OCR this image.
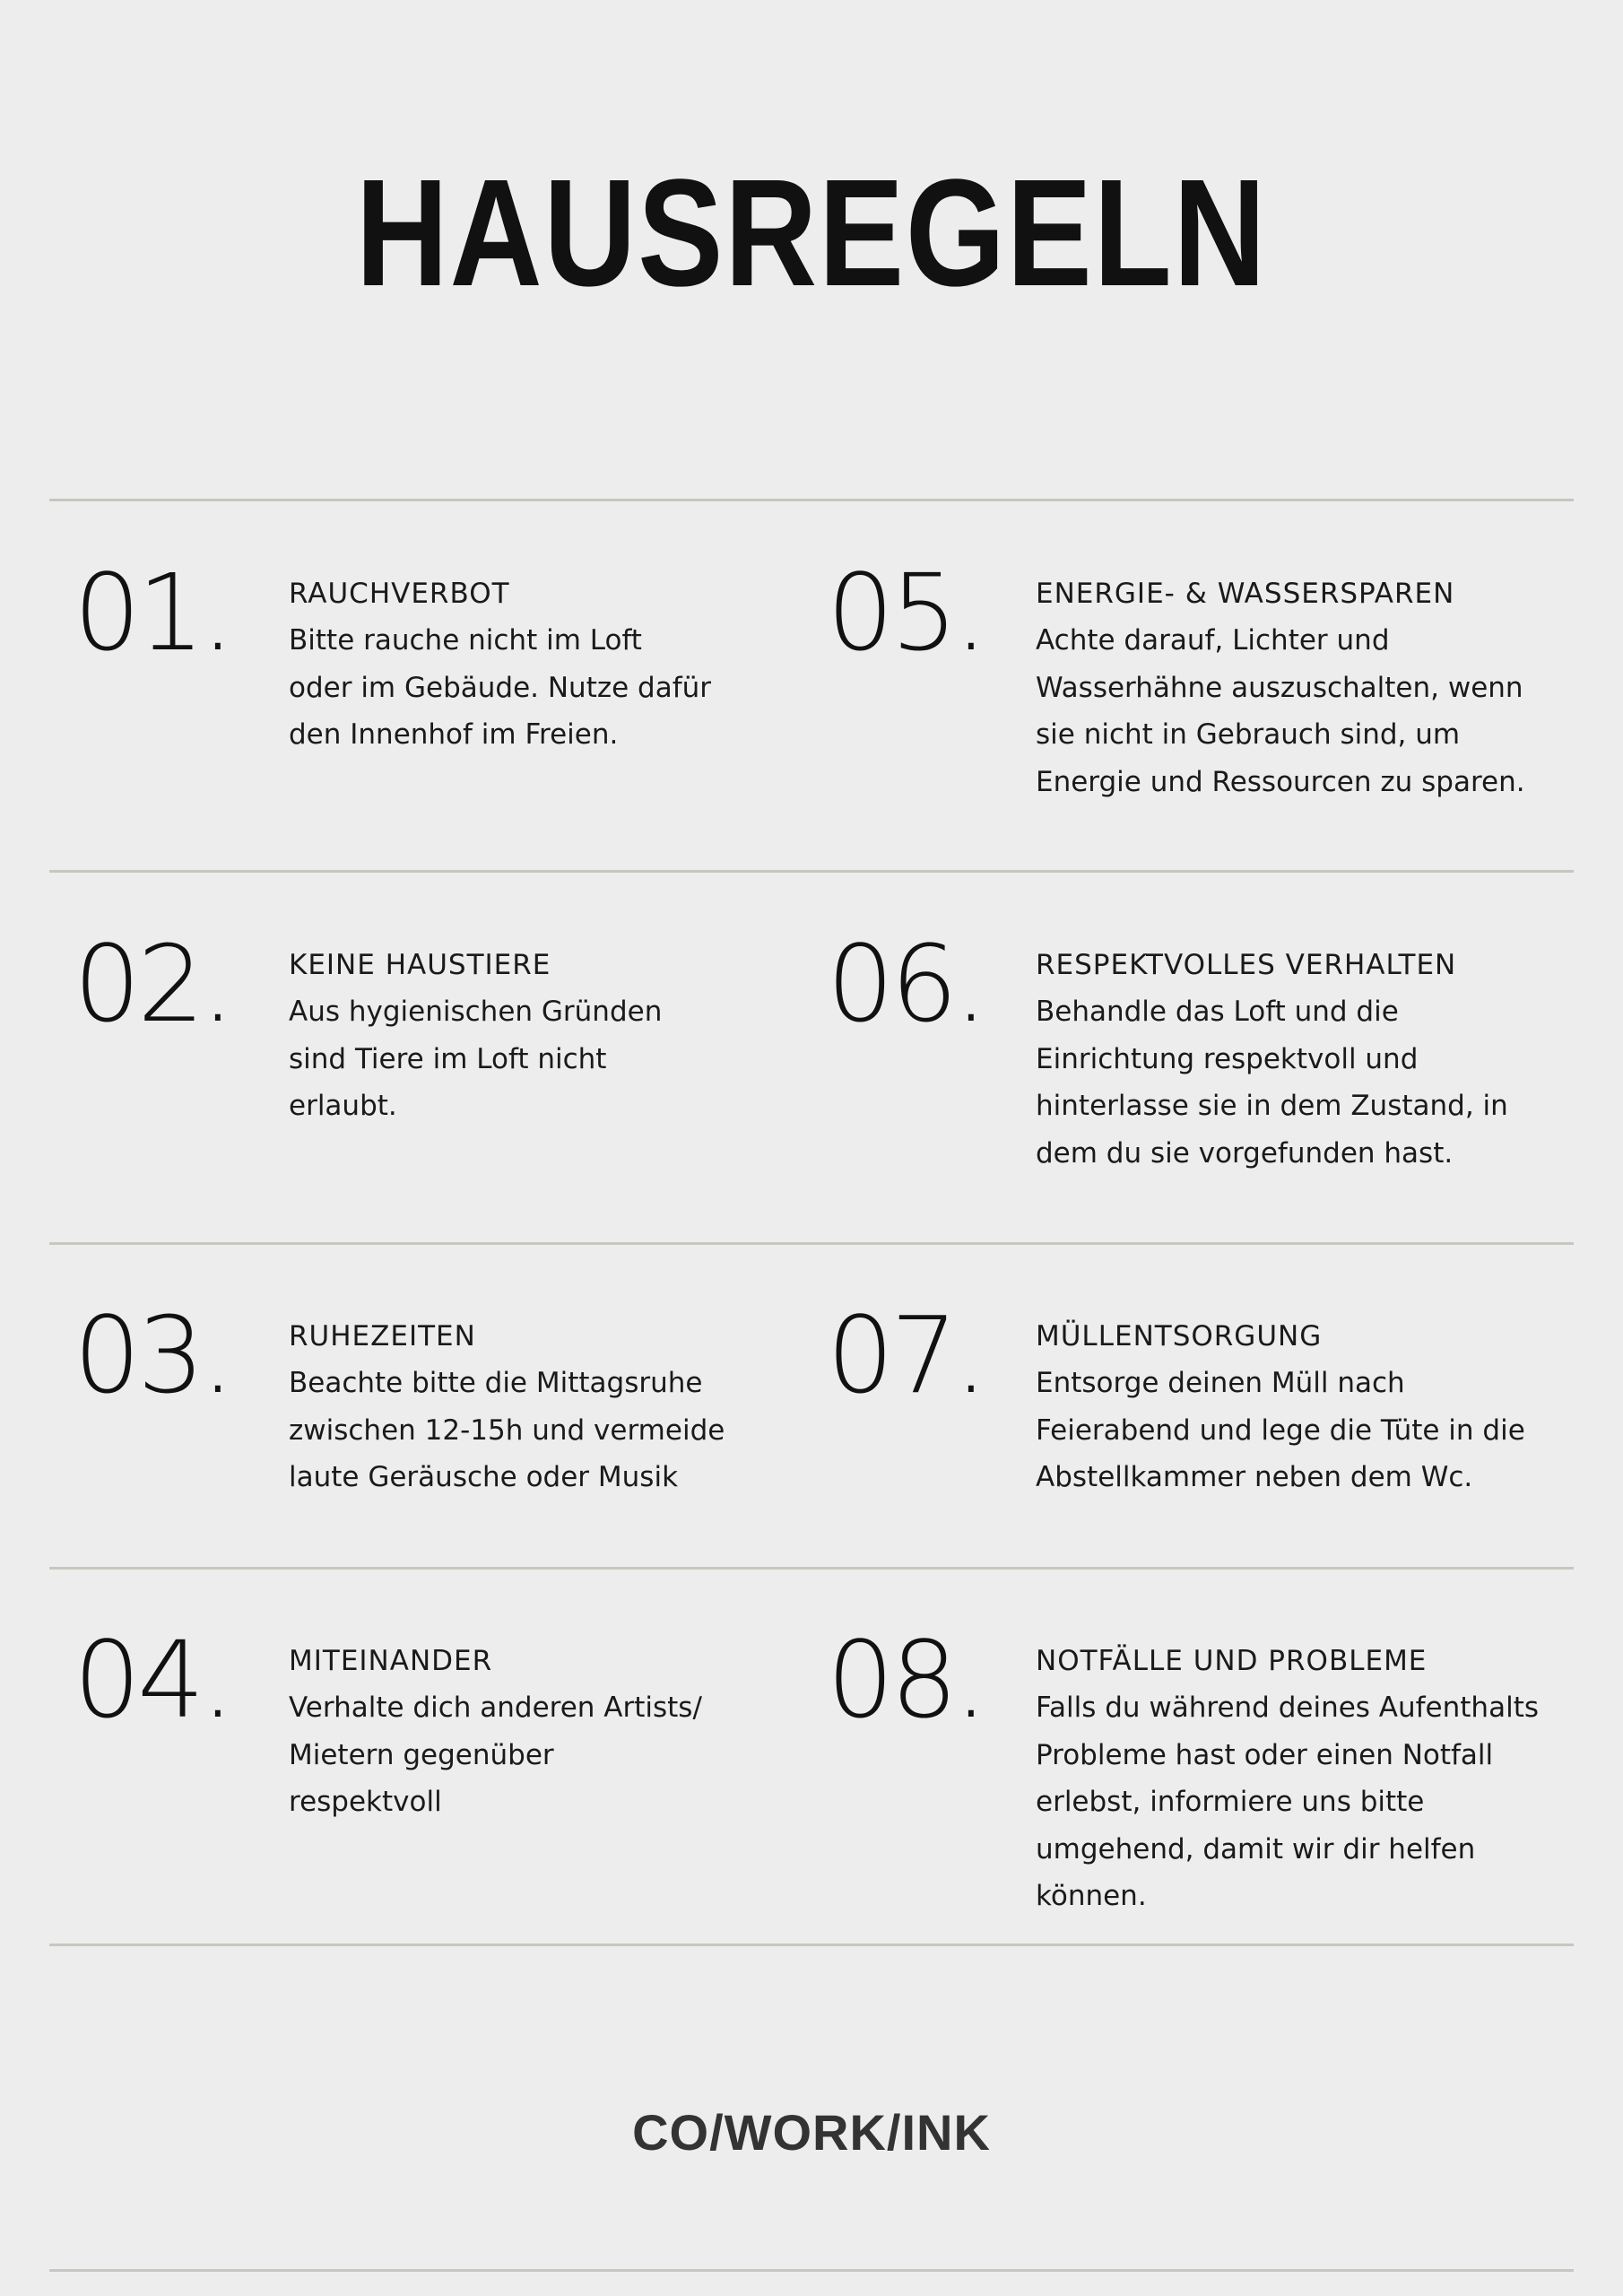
HAUSREGELN

01. RAUCHVERBOT

Bitte rauche nicht im Loft
oder im Gebäude. Nutze dafür
den Innenhof im Freien.

02. KEINE HAUSTIERE

Aus hygienischen Gründen
sind Tiere im Loft nicht
erlaubt.

03. RUHEZEITEN

Beachte bitte die Mittagsruhe
zwischen 12-15h und vermeide
laute Geräusche oder Musik

04. MITEINANDER

Verhalte dich anderen Artists/
Mietern gegenüber
respektvoll

05. ENERGIE- & WASSERSPAREN

Achte darauf, Lichter und
Wasserhähne auszuschalten, wenn
sie nicht in Gebrauch sind, um
Energie und Ressourcen zu sparen.

06. RESPEKTVOLLES VERHALTEN

Behandle das Loft und die
Einrichtung respektvoll und
hinterlasse sie in dem Zustand, in
dem du sie vorgefunden hast.

07. MÜLLENTSORGUNG

Entsorge deinen Müll nach
Feierabend und lege die Tüte in die
Abstellkammer neben dem Wc.

08. NOTFÄLLE UND PROBLEME

Falls du während deines Aufenthalts
Probleme hast oder einen Notfall
erlebst, informiere uns bitte
umgehend, damit wir dir helfen
können.

CO/WORK/INK
